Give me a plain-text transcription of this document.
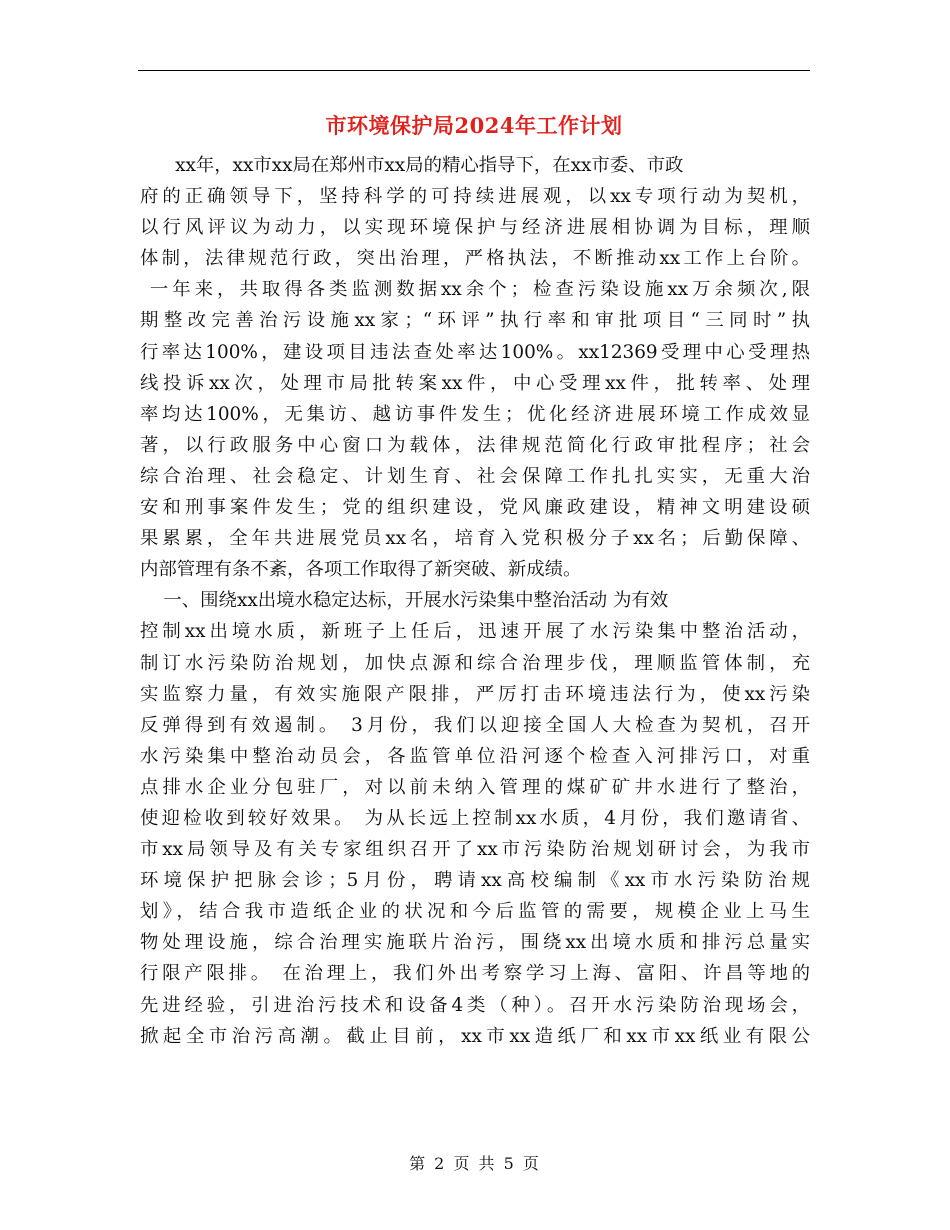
市环境保护局2024年工作计划
xx年，xx市xx局在郑州市xx局的精心指导下，在xx市委、市政
府的正确领导下，坚持科学的可持续进展观，以xx专项行动为契机，
以行风评议为动力，以实现环境保护与经济进展相协调为目标，理顺
体制，法律规范行政，突出治理，严格执法，不断推动xx工作上台阶。
一年来，共取得各类监测数据xx余个；检查污染设施xx万余频次,限
期整改完善治污设施xx家；“环评”执行率和审批项目“三同时”执
行率达100%，建设项目违法查处率达100%。xx12369受理中心受理热
线投诉xx次，处理市局批转案xx件，中心受理xx件，批转率、处理
率均达100%，无集访、越访事件发生；优化经济进展环境工作成效显
著，以行政服务中心窗口为载体，法律规范简化行政审批程序；社会
综合治理、社会稳定、计划生育、社会保障工作扎扎实实，无重大治
安和刑事案件发生；党的组织建设，党风廉政建设，精神文明建设硕
果累累，全年共进展党员xx名，培育入党积极分子xx名；后勤保障、
内部管理有条不紊，各项工作取得了新突破、新成绩。
一、围绕xx出境水稳定达标，开展水污染集中整治活动 为有效
控制xx出境水质，新班子上任后，迅速开展了水污染集中整治活动，
制订水污染防治规划，加快点源和综合治理步伐，理顺监管体制，充
实监察力量，有效实施限产限排，严厉打击环境违法行为，使xx污染
反弹得到有效遏制。 3月份，我们以迎接全国人大检查为契机，召开
水污染集中整治动员会，各监管单位沿河逐个检查入河排污口，对重
点排水企业分包驻厂，对以前未纳入管理的煤矿矿井水进行了整治，
使迎检收到较好效果。 为从长远上控制xx水质，4月份，我们邀请省、
市xx局领导及有关专家组织召开了xx市污染防治规划研讨会，为我市
环境保护把脉会诊；5月份，聘请xx高校编制《xx市水污染防治规
划》，结合我市造纸企业的状况和今后监管的需要，规模企业上马生
物处理设施，综合治理实施联片治污，围绕xx出境水质和排污总量实
行限产限排。 在治理上，我们外出考察学习上海、富阳、许昌等地的
先进经验，引进治污技术和设备4类（种）。召开水污染防治现场会，
掀起全市治污高潮。截止目前，xx市xx造纸厂和xx市xx纸业有限公
第 2 页 共 5 页
